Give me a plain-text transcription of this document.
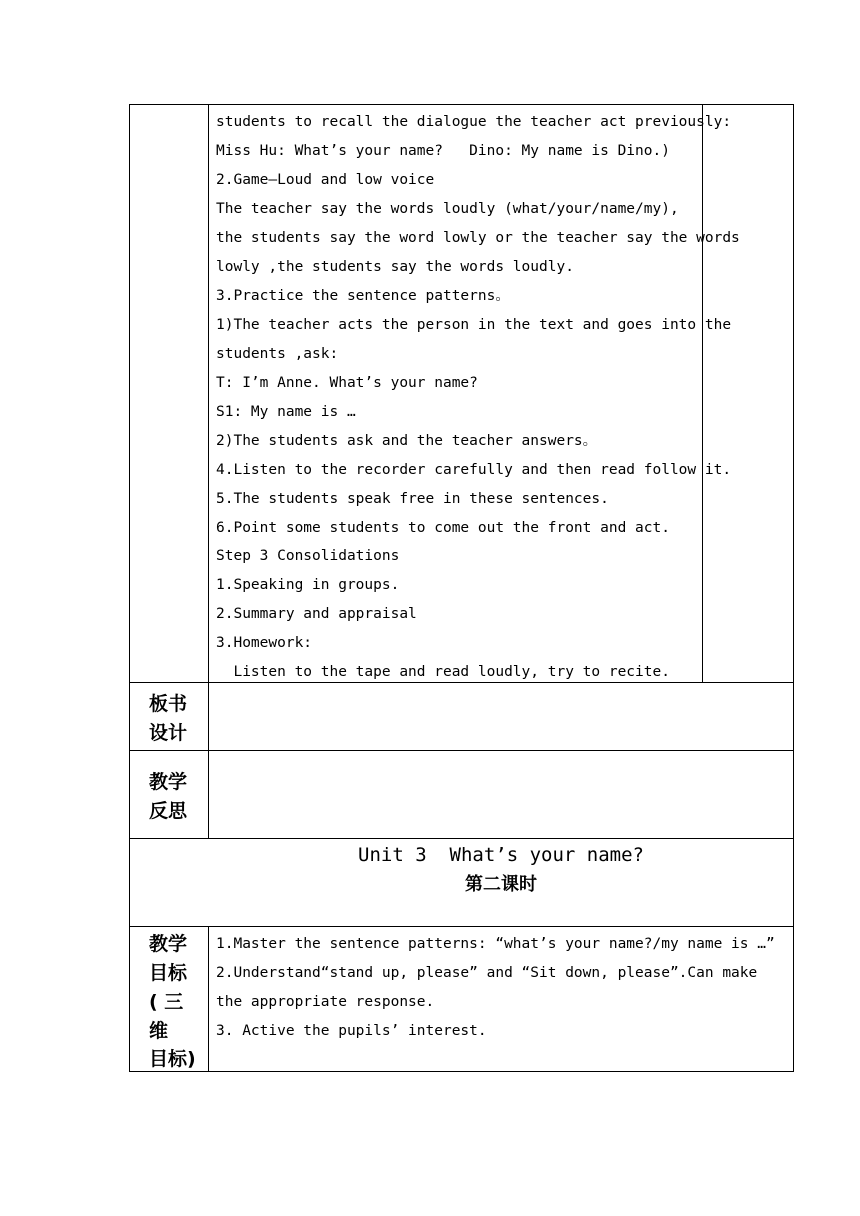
students to recall the dialogue the teacher act previously:
Miss Hu: What’s your name?   Dino: My name is Dino.)
2.Game—Loud and low voice
The teacher say the words loudly (what/your/name/my),
the students say the word lowly or the teacher say the words
lowly ,the students say the words loudly.
3.Practice the sentence patterns。
1)The teacher acts the person in the text and goes into the
students ,ask:
T: I’m Anne. What’s your name?
S1: My name is …
2)The students ask and the teacher answers。
4.Listen to the recorder carefully and then read follow it.
5.The students speak free in these sentences.
6.Point some students to come out the front and act.
Step 3 Consolidations
1.Speaking in groups.
2.Summary and appraisal
3.Homework:
Listen to the tape and read loudly, try to recite.
板书
设计
教学
反思
Unit 3  What’s your name?
第二课时
教学
目标
( 三
维
目标)
1.Master the sentence patterns: “what’s your name?/my name is …”
2.Understand“stand up, please” and “Sit down, please”.Can make
the appropriate response.
3. Active the pupils’ interest.
